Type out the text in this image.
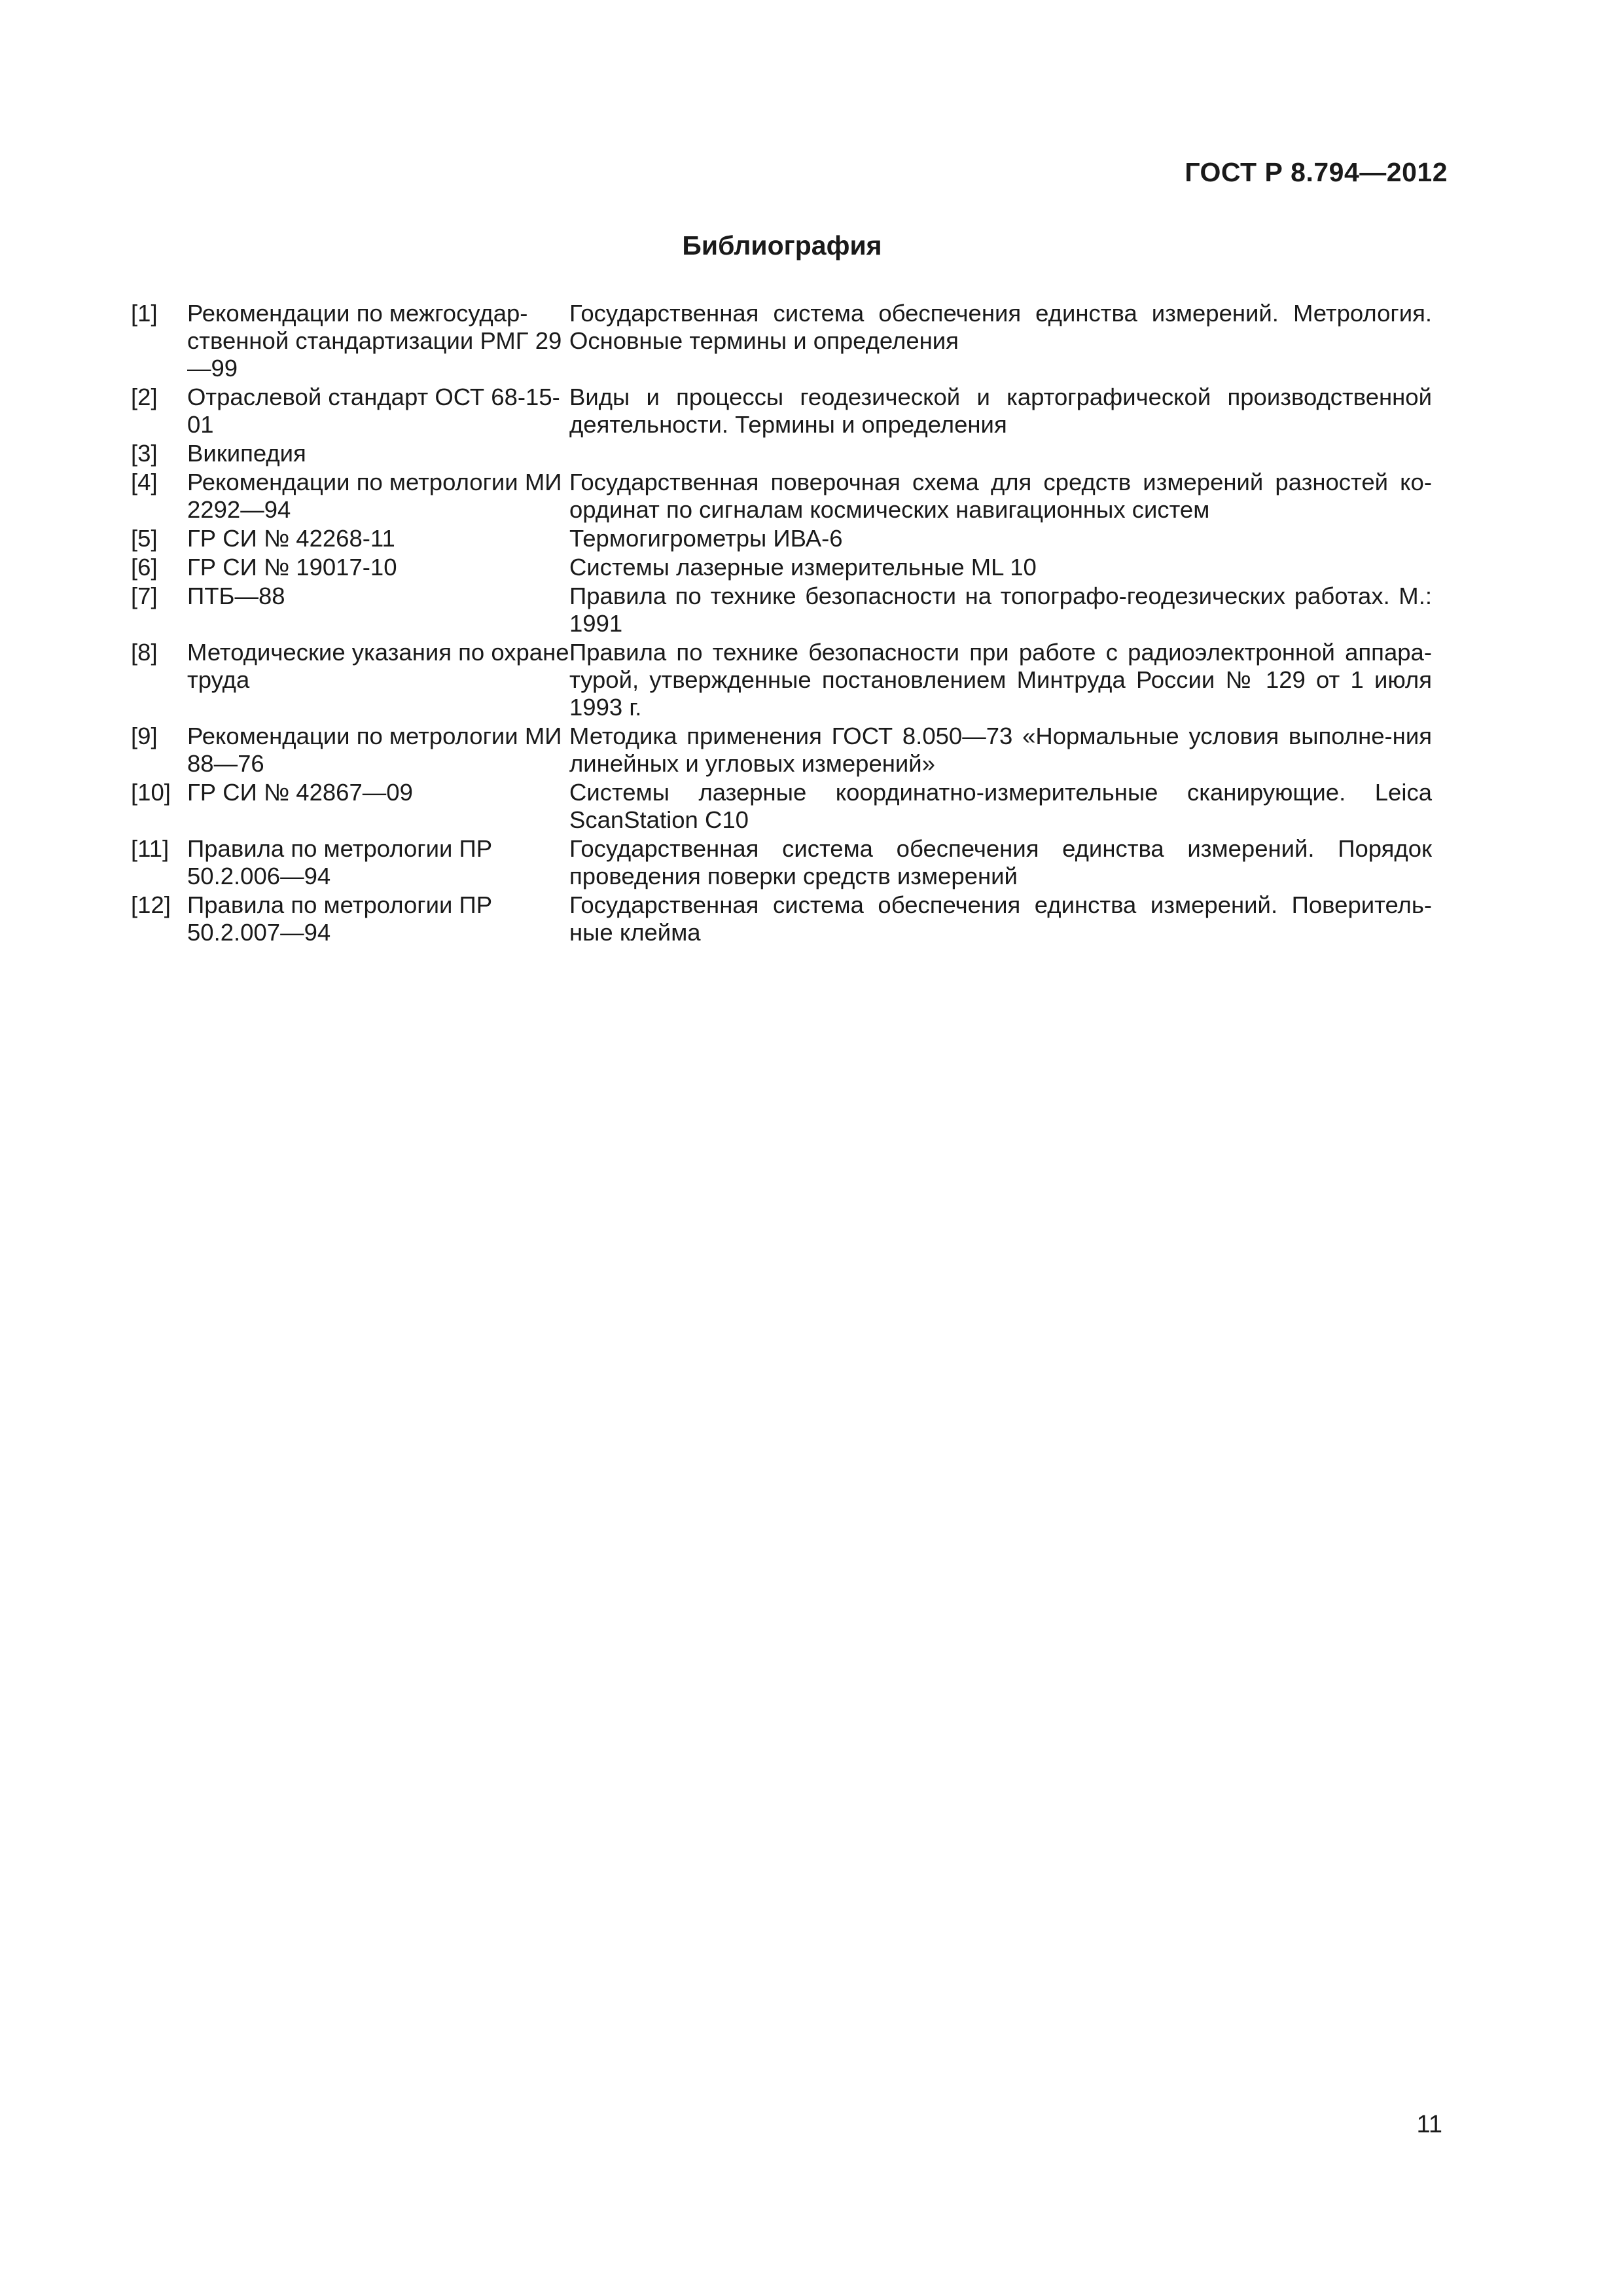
ГОСТ Р 8.794—2012
Библиография
[1]	Рекомендации по межгосудар-ственной стандартизации РМГ 29—99	Государственная система обеспечения единства измерений. Метрология. Основные термины и определения
[2]	Отраслевой стандарт ОСТ 68-15-01	Виды и процессы геодезической и картографической производственной деятельности. Термины и определения
[3]	Википедия	
[4]	Рекомендации по метрологии МИ 2292—94	Государственная поверочная схема для средств измерений разностей ко-ординат по сигналам космических навигационных систем
[5]	ГР СИ № 42268-11	Термогигрометры ИВА-6
[6]	ГР СИ № 19017-10	Системы лазерные измерительные ML 10
[7]	ПТБ—88	Правила по технике безопасности на топографо-геодезических работах. М.: 1991
[8]	Методические указания по охране труда	Правила по технике безопасности при работе с радиоэлектронной аппара-турой, утвержденные постановлением Минтруда России № 129 от 1 июля 1993 г.
[9]	Рекомендации по метрологии МИ 88—76	Методика применения ГОСТ 8.050—73 «Нормальные условия выполне-ния линейных и угловых измерений»
[10]	ГР СИ № 42867—09	Системы лазерные координатно-измерительные сканирующие. Leica ScanStation C10
[11]	Правила по метрологии ПР 50.2.006—94	Государственная система обеспечения единства измерений. Порядок проведения поверки средств измерений
[12]	Правила по метрологии ПР 50.2.007—94	Государственная система обеспечения единства измерений. Поверитель-ные клейма
11
